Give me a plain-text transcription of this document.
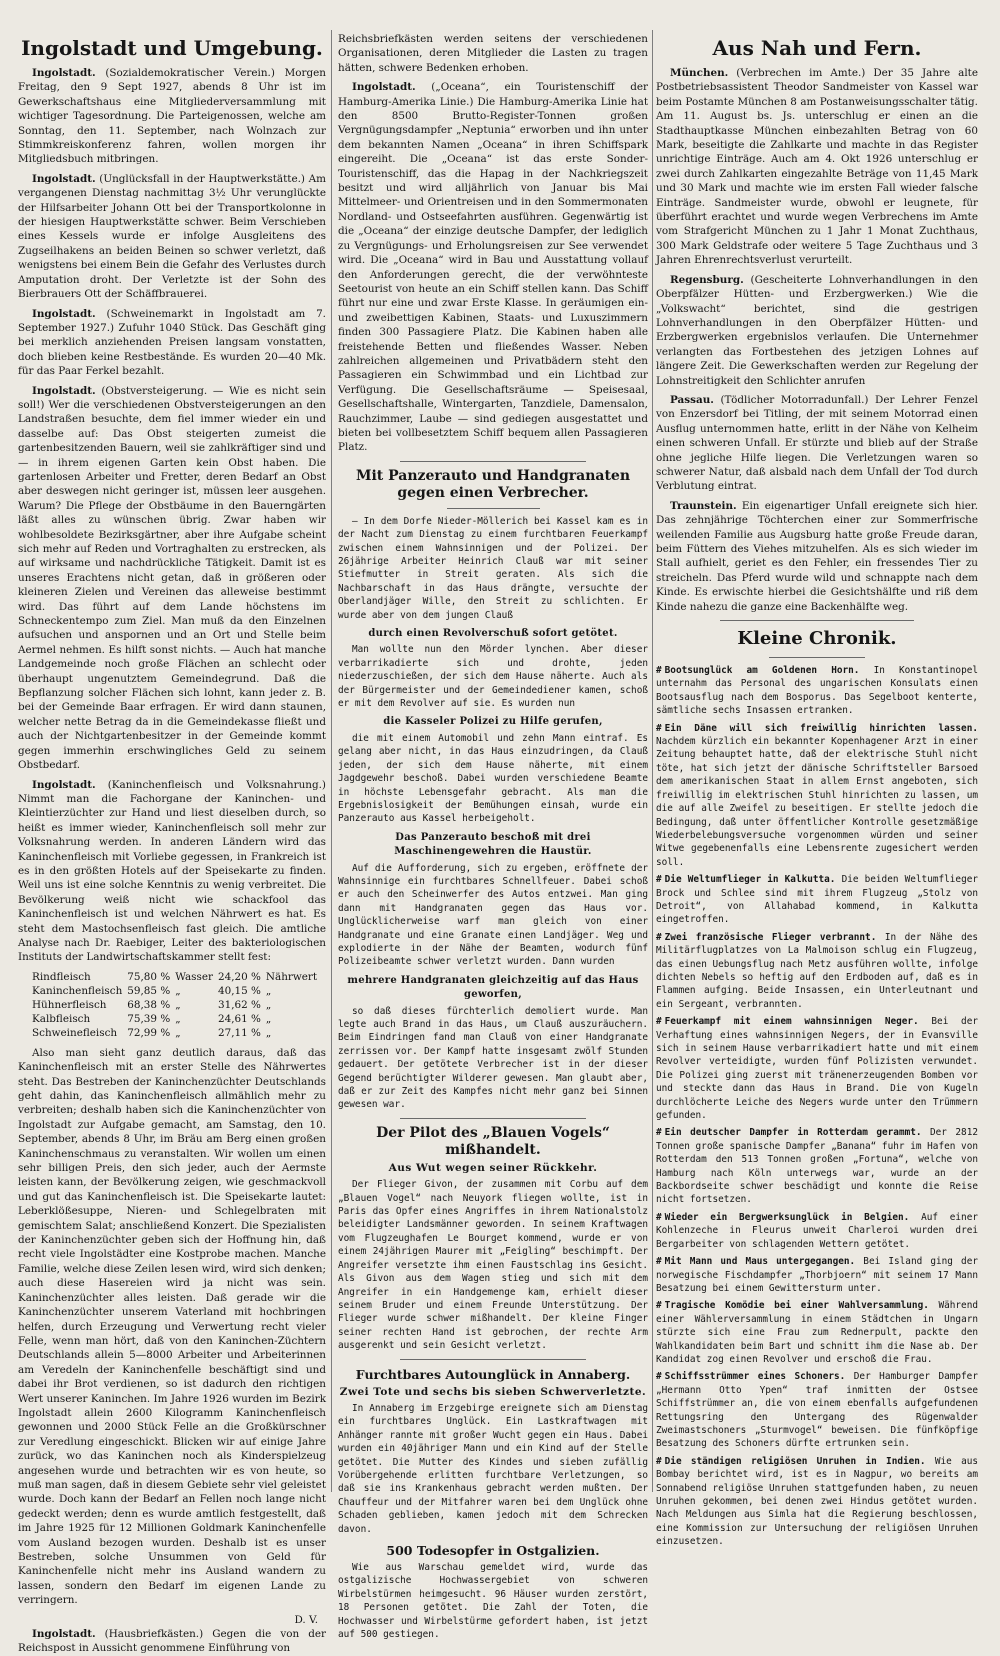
Ingolstadt und Umgebung.

Ingolstadt. (Sozialdemokratischer Verein.) Morgen Freitag, den 9 Sept 1927, abends 8 Uhr ist im Gewerkschaftshaus eine Mitgliederversammlung mit wichtiger Tagesordnung. Die Parteigenossen, welche am Sonntag, den 11. September, nach Wolnzach zur Stimmkreiskonferenz fahren, wollen morgen ihr Mitgliedsbuch mitbringen.

Ingolstadt. (Unglücksfall in der Hauptwerkstätte.) Am vergangenen Dienstag nachmittag 3½ Uhr verunglückte der Hilfsarbeiter Johann Ott bei der Transportkolonne in der hiesigen Hauptwerkstätte schwer. Beim Verschieben eines Kessels wurde er infolge Ausgleitens des Zugseilhakens an beiden Beinen so schwer verletzt, daß wenigstens bei einem Bein die Gefahr des Verlustes durch Amputation droht. Der Verletzte ist der Sohn des Bierbrauers Ott der Schäffbrauerei.

Ingolstadt. (Schweinemarkt in Ingolstadt am 7. September 1927.) Zufuhr 1040 Stück. Das Geschäft ging bei merklich anziehenden Preisen langsam vonstatten, doch blieben keine Restbestände. Es wurden 20—40 Mk. für das Paar Ferkel bezahlt.

Ingolstadt. (Obstversteigerung. — Wie es nicht sein soll!) Wer die verschiedenen Obstversteigerungen an den Landstraßen besuchte, dem fiel immer wieder ein und dasselbe auf: Das Obst steigerten zumeist die gartenbesitzenden Bauern, weil sie zahlkräftiger sind und — in ihrem eigenen Garten kein Obst haben. Die gartenlosen Arbeiter und Fretter, deren Bedarf an Obst aber deswegen nicht geringer ist, müssen leer ausgehen. Warum? Die Pflege der Obstbäume in den Bauerngärten läßt alles zu wünschen übrig. Zwar haben wir wohlbesoldete Bezirksgärtner, aber ihre Aufgabe scheint sich mehr auf Reden und Vortraghalten zu erstrecken, als auf wirksame und nachdrückliche Tätigkeit. Damit ist es unseres Erachtens nicht getan, daß in größeren oder kleineren Zielen und Vereinen das alleweise bestimmt wird. Das führt auf dem Lande höchstens im Schneckentempo zum Ziel. Man muß da den Einzelnen aufsuchen und anspornen und an Ort und Stelle beim Aermel nehmen. Es hilft sonst nichts. — Auch hat manche Landgemeinde noch große Flächen an schlecht oder überhaupt ungenutztem Gemeindegrund. Daß die Bepflanzung solcher Flächen sich lohnt, kann jeder z. B. bei der Gemeinde Baar erfragen. Er wird dann staunen, welcher nette Betrag da in die Gemeindekasse fließt und auch der Nichtgartenbesitzer in der Gemeinde kommt gegen immerhin erschwingliches Geld zu seinem Obstbedarf.

Ingolstadt. (Kaninchenfleisch und Volksnahrung.) Nimmt man die Fachorgane der Kaninchen- und Kleintierzüchter zur Hand und liest dieselben durch, so heißt es immer wieder, Kaninchenfleisch soll mehr zur Volksnahrung werden. In anderen Ländern wird das Kaninchenfleisch mit Vorliebe gegessen, in Frankreich ist es in den größten Hotels auf der Speisekarte zu finden. Weil uns ist eine solche Kenntnis zu wenig verbreitet. Die Bevölkerung weiß nicht wie schackfool das Kaninchenfleisch ist und welchen Nährwert es hat. Es steht dem Mastochsenfleisch fast gleich. Die amtliche Analyse nach Dr. Raebiger, Leiter des bakteriologischen Instituts der Landwirtschaftskammer stellt fest:

Rindfleisch	75,80 %	Wasser	24,20 %	Nährwert
Kaninchenfleisch	59,85 %	„	40,15 %	„
Hühnerfleisch	68,38 %	„	31,62 %	„
Kalbfleisch	75,39 %	„	24,61 %	„
Schweinefleisch	72,99 %	„	27,11 %	„

Also man sieht ganz deutlich daraus, daß das Kaninchenfleisch mit an erster Stelle des Nährwertes steht. Das Bestreben der Kaninchenzüchter Deutschlands geht dahin, das Kaninchenfleisch allmählich mehr zu verbreiten; deshalb haben sich die Kaninchenzüchter von Ingolstadt zur Aufgabe gemacht, am Samstag, den 10. September, abends 8 Uhr, im Bräu am Berg einen großen Kaninchenschmaus zu veranstalten. Wir wollen um einen sehr billigen Preis, den sich jeder, auch der Aermste leisten kann, der Bevölkerung zeigen, wie geschmackvoll und gut das Kaninchenfleisch ist. Die Speisekarte lautet: Leberklößesuppe, Nieren- und Schlegelbraten mit gemischtem Salat; anschließend Konzert. Die Spezialisten der Kaninchenzüchter geben sich der Hoffnung hin, daß recht viele Ingolstädter eine Kostprobe machen. Manche Familie, welche diese Zeilen lesen wird, wird sich denken; auch diese Hasereien wird ja nicht was sein. Kaninchenzüchter alles leisten. Daß gerade wir die Kaninchenzüchter unserem Vaterland mit hochbringen helfen, durch Erzeugung und Verwertung recht vieler Felle, wenn man hört, daß von den Kaninchen-Züchtern Deutschlands allein 5—8000 Arbeiter und Arbeiterinnen am Veredeln der Kaninchenfelle beschäftigt sind und dabei ihr Brot verdienen, so ist dadurch den richtigen Wert unserer Kaninchen. Im Jahre 1926 wurden im Bezirk Ingolstadt allein 2600 Kilogramm Kaninchenfleisch gewonnen und 2000 Stück Felle an die Großkürschner zur Veredlung eingeschickt. Blicken wir auf einige Jahre zurück, wo das Kaninchen noch als Kinderspielzeug angesehen wurde und betrachten wir es von heute, so muß man sagen, daß in diesem Gebiete sehr viel geleistet wurde. Doch kann der Bedarf an Fellen noch lange nicht gedeckt werden; denn es wurde amtlich festgestellt, daß im Jahre 1925 für 12 Millionen Goldmark Kaninchenfelle vom Ausland bezogen wurden. Deshalb ist es unser Bestreben, solche Unsummen von Geld für Kaninchenfelle nicht mehr ins Ausland wandern zu lassen, sondern den Bedarf im eigenen Lande zu verringern.

D. V.

Ingolstadt. (Hausbriefkästen.) Gegen die von der Reichspost in Aussicht genommene Einführung von

Reichsbriefkästen werden seitens der verschiedenen Organisationen, deren Mitglieder die Lasten zu tragen hätten, schwere Bedenken erhoben.

Ingolstadt. („Oceana“, ein Touristenschiff der Hamburg-Amerika Linie.) Die Hamburg-Amerika Linie hat den 8500 Brutto-Register-Tonnen großen Vergnügungsdampfer „Neptunia“ erworben und ihn unter dem bekannten Namen „Oceana“ in ihren Schiffspark eingereiht. Die „Oceana“ ist das erste Sonder-Touristenschiff, das die Hapag in der Nachkriegszeit besitzt und wird alljährlich von Januar bis Mai Mittelmeer- und Orientreisen und in den Sommermonaten Nordland- und Ostseefahrten ausführen. Gegenwärtig ist die „Oceana“ der einzige deutsche Dampfer, der lediglich zu Vergnügungs- und Erholungsreisen zur See verwendet wird. Die „Oceana“ wird in Bau und Ausstattung vollauf den Anforderungen gerecht, die der verwöhnteste Seetourist von heute an ein Schiff stellen kann. Das Schiff führt nur eine und zwar Erste Klasse. In geräumigen ein- und zweibettigen Kabinen, Staats- und Luxuszimmern finden 300 Passagiere Platz. Die Kabinen haben alle freistehende Betten und fließendes Wasser. Neben zahlreichen allgemeinen und Privatbädern steht den Passagieren ein Schwimmbad und ein Lichtbad zur Verfügung. Die Gesellschaftsräume — Speisesaal, Gesellschaftshalle, Wintergarten, Tanzdiele, Damensalon, Rauchzimmer, Laube — sind gediegen ausgestattet und bieten bei vollbesetztem Schiff bequem allen Passagieren Platz.

Mit Panzerauto und Handgranaten gegen einen Verbrecher.

— In dem Dorfe Nieder-Möllerich bei Kassel kam es in der Nacht zum Dienstag zu einem furchtbaren Feuerkampf zwischen einem Wahnsinnigen und der Polizei. Der 26jährige Arbeiter Heinrich Clauß war mit seiner Stiefmutter in Streit geraten. Als sich die Nachbarschaft in das Haus drängte, versuchte der Oberlandjäger Wille, den Streit zu schlichten. Er wurde aber von dem jungen Clauß

durch einen Revolverschuß sofort getötet.

Man wollte nun den Mörder lynchen. Aber dieser verbarrikadierte sich und drohte, jeden niederzuschießen, der sich dem Hause näherte. Auch als der Bürgermeister und der Gemeindediener kamen, schoß er mit dem Revolver auf sie. Es wurden nun

die Kasseler Polizei zu Hilfe gerufen,

die mit einem Automobil und zehn Mann eintraf. Es gelang aber nicht, in das Haus einzudringen, da Clauß jeden, der sich dem Hause näherte, mit einem Jagdgewehr beschoß. Dabei wurden verschiedene Beamte in höchste Lebensgefahr gebracht. Als man die Ergebnislosigkeit der Bemühungen einsah, wurde ein Panzerauto aus Kassel herbeigeholt.

Das Panzerauto beschoß mit drei Maschinengewehren die Haustür.

Auf die Aufforderung, sich zu ergeben, eröffnete der Wahnsinnige ein furchtbares Schnellfeuer. Dabei schoß er auch den Scheinwerfer des Autos entzwei. Man ging dann mit Handgranaten gegen das Haus vor. Unglücklicherweise warf man gleich von einer Handgranate und eine Granate einen Landjäger. Weg und explodierte in der Nähe der Beamten, wodurch fünf Polizeibeamte schwer verletzt wurden. Dann wurden

mehrere Handgranaten gleichzeitig auf das Haus geworfen,

so daß dieses fürchterlich demoliert wurde. Man legte auch Brand in das Haus, um Clauß auszuräuchern. Beim Eindringen fand man Clauß von einer Handgranate zerrissen vor. Der Kampf hatte insgesamt zwölf Stunden gedauert. Der getötete Verbrecher ist in der dieser Gegend berüchtigter Wilderer gewesen. Man glaubt aber, daß er zur Zeit des Kampfes nicht mehr ganz bei Sinnen gewesen war.

Der Pilot des „Blauen Vogels“ mißhandelt.
Aus Wut wegen seiner Rückkehr.

Der Flieger Givon, der zusammen mit Corbu auf dem „Blauen Vogel“ nach Neuyork fliegen wollte, ist in Paris das Opfer eines Angriffes in ihrem Nationalstolz beleidigter Landsmänner geworden. In seinem Kraftwagen vom Flugzeughafen Le Bourget kommend, wurde er von einem 24jährigen Maurer mit „Feigling“ beschimpft. Der Angreifer versetzte ihm einen Faustschlag ins Gesicht. Als Givon aus dem Wagen stieg und sich mit dem Angreifer in ein Handgemenge kam, erhielt dieser seinem Bruder und einem Freunde Unterstützung. Der Flieger wurde schwer mißhandelt. Der kleine Finger seiner rechten Hand ist gebrochen, der rechte Arm ausgerenkt und sein Gesicht verletzt.

Furchtbares Autounglück in Annaberg.
Zwei Tote und sechs bis sieben Schwerverletzte.

In Annaberg im Erzgebirge ereignete sich am Dienstag ein furchtbares Unglück. Ein Lastkraftwagen mit Anhänger rannte mit großer Wucht gegen ein Haus. Dabei wurden ein 40jähriger Mann und ein Kind auf der Stelle getötet. Die Mutter des Kindes und sieben zufällig Vorübergehende erlitten furchtbare Verletzungen, so daß sie ins Krankenhaus gebracht werden mußten. Der Chauffeur und der Mitfahrer waren bei dem Unglück ohne Schaden geblieben, kamen jedoch mit dem Schrecken davon.

500 Todesopfer in Ostgalizien.

Wie aus Warschau gemeldet wird, wurde das ostgalizische Hochwassergebiet von schweren Wirbelstürmen heimgesucht. 96 Häuser wurden zerstört, 18 Personen getötet. Die Zahl der Toten, die Hochwasser und Wirbelstürme gefordert haben, ist jetzt auf 500 gestiegen.

Aus Nah und Fern.

München. (Verbrechen im Amte.) Der 35 Jahre alte Postbetriebsassistent Theodor Sandmeister von Kassel war beim Postamte München 8 am Postanweisungsschalter tätig. Am 11. August bs. Js. unterschlug er einen an die Stadthauptkasse München einbezahlten Betrag von 60 Mark, beseitigte die Zahlkarte und machte in das Register unrichtige Einträge. Auch am 4. Okt 1926 unterschlug er zwei durch Zahlkarten eingezahlte Beträge von 11,45 Mark und 30 Mark und machte wie im ersten Fall wieder falsche Einträge. Sandmeister wurde, obwohl er leugnete, für überführt erachtet und wurde wegen Verbrechens im Amte vom Strafgericht München zu 1 Jahr 1 Monat Zuchthaus, 300 Mark Geldstrafe oder weitere 5 Tage Zuchthaus und 3 Jahren Ehrenrechtsverlust verurteilt.

Regensburg. (Gescheiterte Lohnverhandlungen in den Oberpfälzer Hütten- und Erzbergwerken.) Wie die „Volkswacht“ berichtet, sind die gestrigen Lohnverhandlungen in den Oberpfälzer Hütten- und Erzbergwerken ergebnislos verlaufen. Die Unternehmer verlangten das Fortbestehen des jetzigen Lohnes auf längere Zeit. Die Gewerkschaften werden zur Regelung der Lohnstreitigkeit den Schlichter anrufen

Passau. (Tödlicher Motorradunfall.) Der Lehrer Fenzel von Enzersdorf bei Titling, der mit seinem Motorrad einen Ausflug unternommen hatte, erlitt in der Nähe von Kelheim einen schweren Unfall. Er stürzte und blieb auf der Straße ohne jegliche Hilfe liegen. Die Verletzungen waren so schwerer Natur, daß alsbald nach dem Unfall der Tod durch Verblutung eintrat.

Traunstein. Ein eigenartiger Unfall ereignete sich hier. Das zehnjährige Töchterchen einer zur Sommerfrische weilenden Familie aus Augsburg hatte große Freude daran, beim Füttern des Viehes mitzuhelfen. Als es sich wieder im Stall aufhielt, geriet es den Fehler, ein fressendes Tier zu streicheln. Das Pferd wurde wild und schnappte nach dem Kinde. Es erwischte hierbei die Gesichtshälfte und riß dem Kinde nahezu die ganze eine Backenhälfte weg.

Kleine Chronik.
# Bootsunglück am Goldenen Horn. In Konstantinopel unternahm das Personal des ungarischen Konsulats einen Bootsausflug nach dem Bosporus. Das Segelboot kenterte, sämtliche sechs Insassen ertranken.
# Ein Däne will sich freiwillig hinrichten lassen. Nachdem kürzlich ein bekannter Kopenhagener Arzt in einer Zeitung behauptet hatte, daß der elektrische Stuhl nicht töte, hat sich jetzt der dänische Schriftsteller Barsoed dem amerikanischen Staat in allem Ernst angeboten, sich freiwillig im elektrischen Stuhl hinrichten zu lassen, um die auf alle Zweifel zu beseitigen. Er stellte jedoch die Bedingung, daß unter öffentlicher Kontrolle gesetzmäßige Wiederbelebungsversuche vorgenommen würden und seiner Witwe gegebenenfalls eine Lebensrente zugesichert werden soll.
# Die Weltumflieger in Kalkutta. Die beiden Weltumflieger Brock und Schlee sind mit ihrem Flugzeug „Stolz von Detroit“, von Allahabad kommend, in Kalkutta eingetroffen.
# Zwei französische Flieger verbrannt. In der Nähe des Militärflugplatzes von La Malmoison schlug ein Flugzeug, das einen Uebungsflug nach Metz ausführen wollte, infolge dichten Nebels so heftig auf den Erdboden auf, daß es in Flammen aufging. Beide Insassen, ein Unterleutnant und ein Sergeant, verbrannten.
# Feuerkampf mit einem wahnsinnigen Neger. Bei der Verhaftung eines wahnsinnigen Negers, der in Evansville sich in seinem Hause verbarrikadiert hatte und mit einem Revolver verteidigte, wurden fünf Polizisten verwundet. Die Polizei ging zuerst mit tränenerzeugenden Bomben vor und steckte dann das Haus in Brand. Die von Kugeln durchlöcherte Leiche des Negers wurde unter den Trümmern gefunden.
# Ein deutscher Dampfer in Rotterdam gerammt. Der 2812 Tonnen große spanische Dampfer „Banana“ fuhr im Hafen von Rotterdam den 513 Tonnen großen „Fortuna“, welche von Hamburg nach Köln unterwegs war, wurde an der Backbordseite schwer beschädigt und konnte die Reise nicht fortsetzen.
# Wieder ein Bergwerksunglück in Belgien. Auf einer Kohlenzeche in Fleurus unweit Charleroi wurden drei Bergarbeiter von schlagenden Wettern getötet.
# Mit Mann und Maus untergegangen. Bei Island ging der norwegische Fischdampfer „Thorbjoern“ mit seinem 17 Mann Besatzung bei einem Gewittersturm unter.
# Tragische Komödie bei einer Wahlversammlung. Während einer Wählerversammlung in einem Städtchen in Ungarn stürzte sich eine Frau zum Rednerpult, packte den Wahlkandidaten beim Bart und schnitt ihm die Nase ab. Der Kandidat zog einen Revolver und erschoß die Frau.
# Schiffsstrümmer eines Schoners. Der Hamburger Dampfer „Hermann Otto Ypen“ traf inmitten der Ostsee Schiffstrümmer an, die von einem ebenfalls aufgefundenen Rettungsring den Untergang des Rügenwalder Zweimastschoners „Sturmvogel“ beweisen. Die fünfköpfige Besatzung des Schoners dürfte ertrunken sein.
# Die ständigen religiösen Unruhen in Indien. Wie aus Bombay berichtet wird, ist es in Nagpur, wo bereits am Sonnabend religiöse Unruhen stattgefunden haben, zu neuen Unruhen gekommen, bei denen zwei Hindus getötet wurden. Nach Meldungen aus Simla hat die Regierung beschlossen, eine Kommission zur Untersuchung der religiösen Unruhen einzusetzen.
